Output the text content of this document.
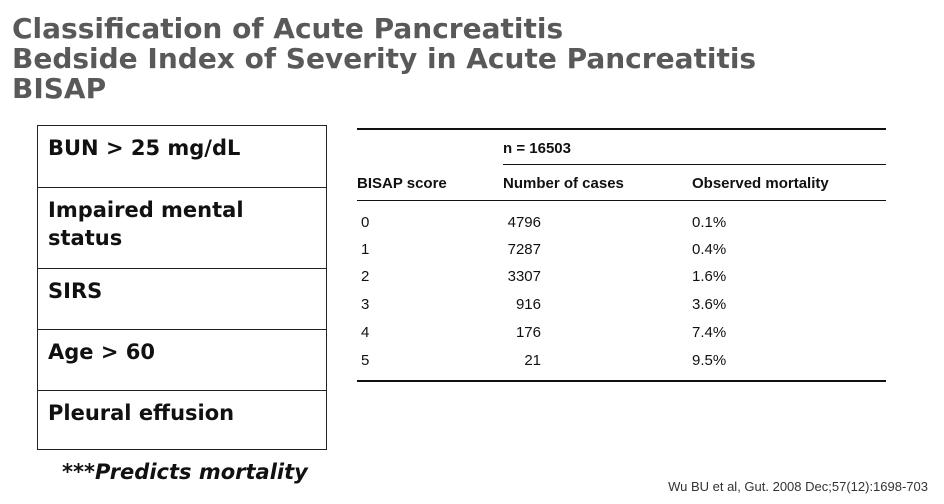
Classification of Acute Pancreatitis
Bedside Index of Severity in Acute Pancreatitis
BISAP
BUN > 25 mg/dL
Impaired mental status
SIRS
Age > 60
Pleural effusion
***Predicts mortality
n = 16503
BISAP score	Number of cases	Observed mortality
0	4796	0.1%
1	7287	0.4%
2	3307	1.6%
3	916	3.6%
4	176	7.4%
5	21	9.5%
Wu BU et al, Gut. 2008 Dec;57(12):1698-703
